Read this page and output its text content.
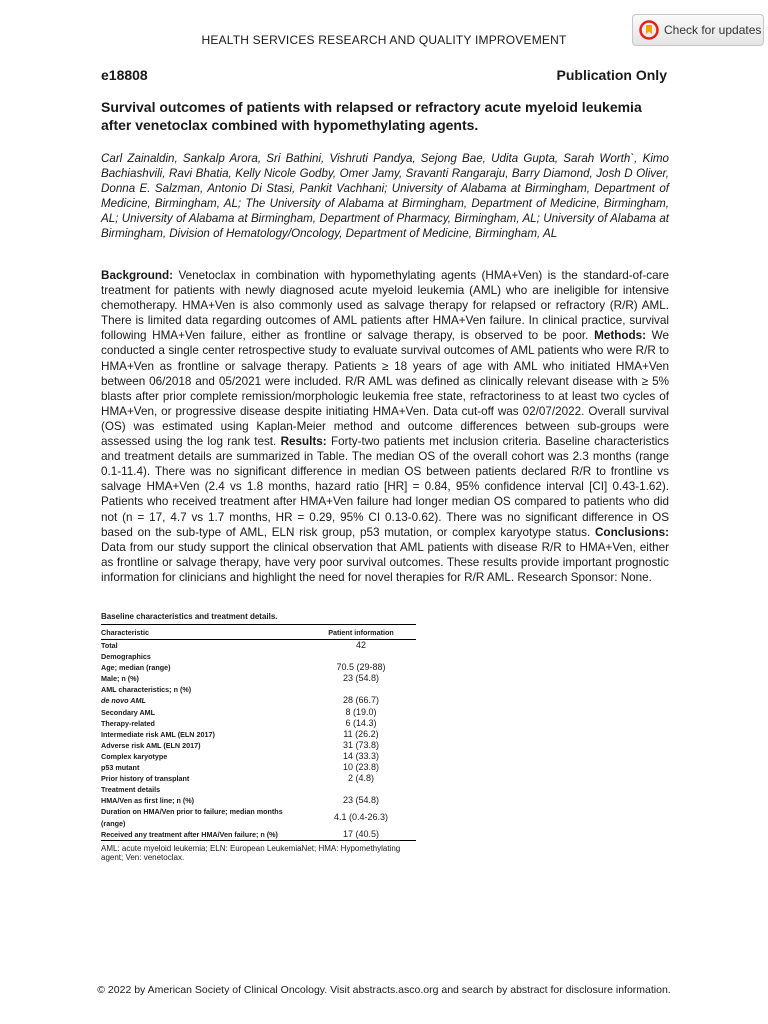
HEALTH SERVICES RESEARCH AND QUALITY IMPROVEMENT
Check for updates
e18808	Publication Only
Survival outcomes of patients with relapsed or refractory acute myeloid leukemia after venetoclax combined with hypomethylating agents.
Carl Zainaldin, Sankalp Arora, Sri Bathini, Vishruti Pandya, Sejong Bae, Udita Gupta, Sarah Worth`, Kimo Bachiashvili, Ravi Bhatia, Kelly Nicole Godby, Omer Jamy, Sravanti Rangaraju, Barry Diamond, Josh D Oliver, Donna E. Salzman, Antonio Di Stasi, Pankit Vachhani; University of Alabama at Birmingham, Department of Medicine, Birmingham, AL; The University of Alabama at Birmingham, Department of Medicine, Birmingham, AL; University of Alabama at Birmingham, Department of Pharmacy, Birmingham, AL; University of Alabama at Birmingham, Division of Hematology/Oncology, Department of Medicine, Birmingham, AL
Background: Venetoclax in combination with hypomethylating agents (HMA+Ven) is the standard-of-care treatment for patients with newly diagnosed acute myeloid leukemia (AML) who are ineligible for intensive chemotherapy. HMA+Ven is also commonly used as salvage therapy for relapsed or refractory (R/R) AML. There is limited data regarding outcomes of AML patients after HMA+Ven failure. In clinical practice, survival following HMA+Ven failure, either as frontline or salvage therapy, is observed to be poor. Methods: We conducted a single center retrospective study to evaluate survival outcomes of AML patients who were R/R to HMA+Ven as frontline or salvage therapy. Patients ≥ 18 years of age with AML who initiated HMA+Ven between 06/2018 and 05/2021 were included. R/R AML was defined as clinically relevant disease with ≥ 5% blasts after prior complete remission/morphologic leukemia free state, refractoriness to at least two cycles of HMA+Ven, or progressive disease despite initiating HMA+Ven. Data cut-off was 02/07/2022. Overall survival (OS) was estimated using Kaplan-Meier method and outcome differences between sub-groups were assessed using the log rank test. Results: Forty-two patients met inclusion criteria. Baseline characteristics and treatment details are summarized in Table. The median OS of the overall cohort was 2.3 months (range 0.1-11.4). There was no significant difference in median OS between patients declared R/R to frontline vs salvage HMA+Ven (2.4 vs 1.8 months, hazard ratio [HR] = 0.84, 95% confidence interval [CI] 0.43-1.62). Patients who received treatment after HMA+Ven failure had longer median OS compared to patients who did not (n = 17, 4.7 vs 1.7 months, HR = 0.29, 95% CI 0.13-0.62). There was no significant difference in OS based on the sub-type of AML, ELN risk group, p53 mutation, or complex karyotype status. Conclusions: Data from our study support the clinical observation that AML patients with disease R/R to HMA+Ven, either as frontline or salvage therapy, have very poor survival outcomes. These results provide important prognostic information for clinicians and highlight the need for novel therapies for R/R AML. Research Sponsor: None.
Baseline characteristics and treatment details.
Characteristic	Patient information
Total	42
Demographics	
Age; median (range)	70.5 (29-88)
Male; n (%)	23 (54.8)
AML characteristics; n (%)	
de novo AML	28 (66.7)
Secondary AML	8 (19.0)
Therapy-related	6 (14.3)
Intermediate risk AML (ELN 2017)	11 (26.2)
Adverse risk AML (ELN 2017)	31 (73.8)
Complex karyotype	14 (33.3)
p53 mutant	10 (23.8)
Prior history of transplant	2 (4.8)
Treatment details	
HMA/Ven as first line; n (%)	23 (54.8)
Duration on HMA/Ven prior to failure; median months (range)	4.1 (0.4-26.3)
Received any treatment after HMA/Ven failure; n (%)	17 (40.5)
AML: acute myeloid leukemia; ELN: European LeukemiaNet; HMA: Hypomethylating agent; Ven: venetoclax.
© 2022 by American Society of Clinical Oncology. Visit abstracts.asco.org and search by abstract for disclosure information.
